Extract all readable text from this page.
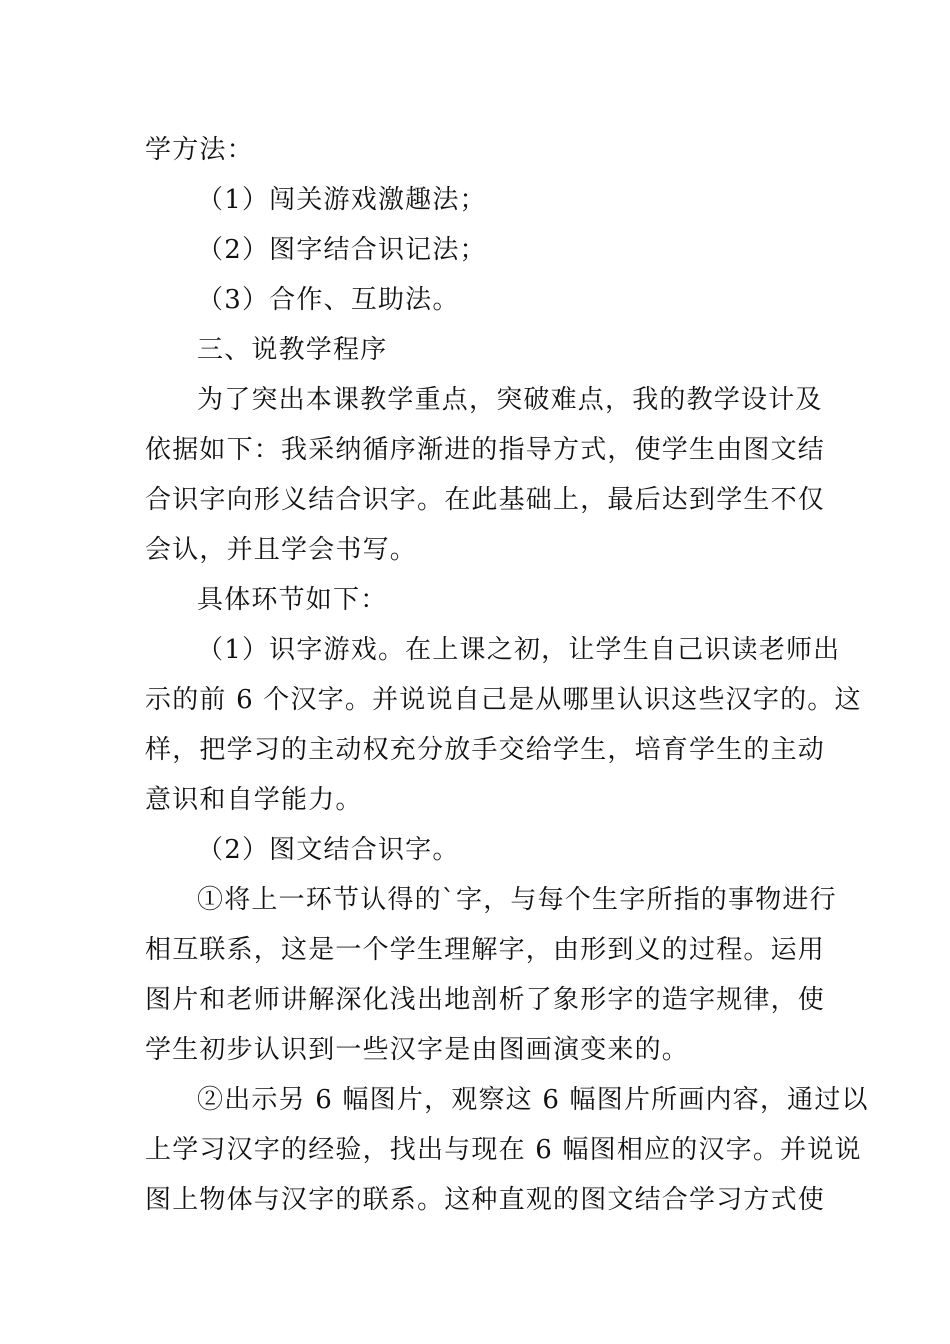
学方法：
（1）闯关游戏激趣法；
（2）图字结合识记法；
（3）合作、互助法。
三、说教学程序
为了突出本课教学重点，突破难点，我的教学设计及
依据如下：我采纳循序渐进的指导方式，使学生由图文结
合识字向形义结合识字。在此基础上，最后达到学生不仅
会认，并且学会书写。
具体环节如下：
（1）识字游戏。在上课之初，让学生自己识读老师出
示的前 6 个汉字。并说说自己是从哪里认识这些汉字的。这
样，把学习的主动权充分放手交给学生，培育学生的主动
意识和自学能力。
（2）图文结合识字。
①将上一环节认得的`字，与每个生字所指的事物进行
相互联系，这是一个学生理解字，由形到义的过程。运用
图片和老师讲解深化浅出地剖析了象形字的造字规律，使
学生初步认识到一些汉字是由图画演变来的。
②出示另 6 幅图片，观察这 6 幅图片所画内容，通过以
上学习汉字的经验，找出与现在 6 幅图相应的汉字。并说说
图上物体与汉字的联系。这种直观的图文结合学习方式使
